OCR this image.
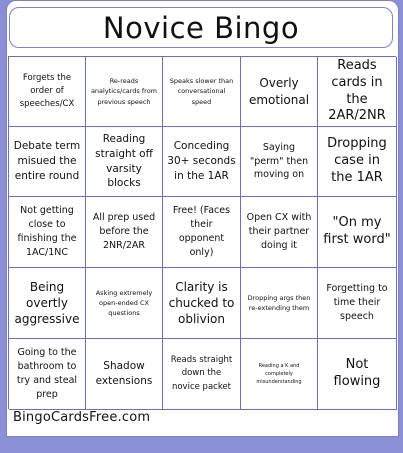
Novice Bingo
Forgets the order of speeches/CX
Re-reads analytics/cards from previous speech
Speaks slower than conversational speed
Overly emotional
Reads cards in the 2AR/2NR
Debate term misued the entire round
Reading straight off varsity blocks
Conceding 30+ seconds in the 1AR
Saying "perm" then moving on
Dropping case in the 1AR
Not getting close to finishing the 1AC/1NC
All prep used before the 2NR/2AR
Free! (Faces their opponent only)
Open CX with their partner doing it
"On my first word"
Being overtly aggressive
Asking extremely open-ended CX questions
Clarity is chucked to oblivion
Dropping args then re-extending them
Forgetting to time their speech
Going to the bathroom to try and steal prep
Shadow extensions
Reads straight down the novice packet
Reading a K and completely misunderstanding
Not flowing
BingoCardsFree.com
